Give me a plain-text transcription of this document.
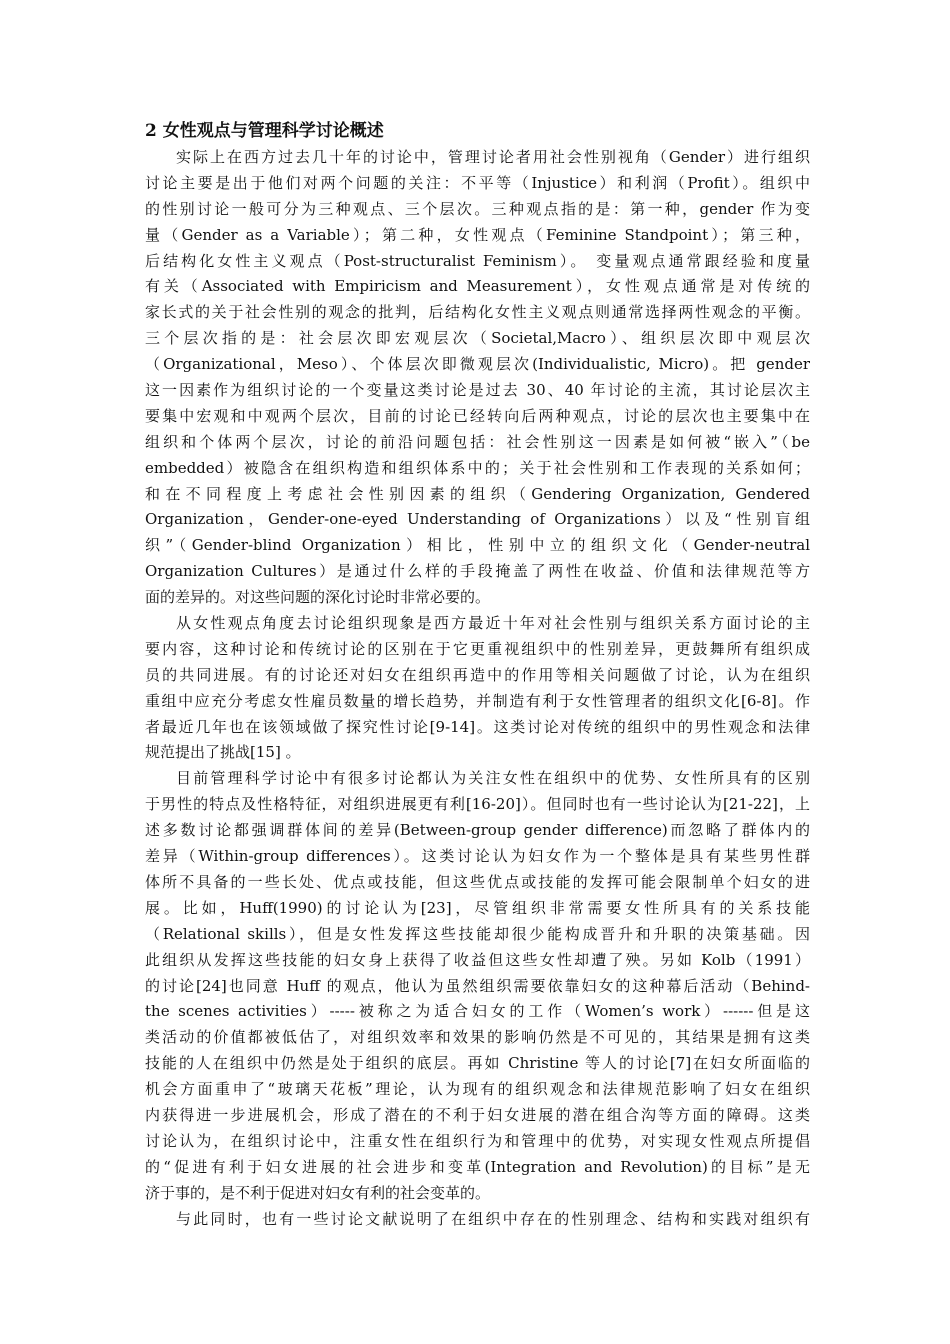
2 女性观点与管理科学讨论概述
实际上在西方过去几十年的讨论中，管理讨论者用社会性别视角（Gender）进行组织
讨论主要是出于他们对两个问题的关注：不平等（Injustice）和利润（Profit）。组织中
的性别讨论一般可分为三种观点、三个层次。三种观点指的是：第一种，gender 作为变
量（Gender as a Variable）；第二种，女性观点（Feminine Standpoint）；第三种，
后结构化女性主义观点（Post-structuralist Feminism）。 变量观点通常跟经验和度量
有关（Associated with Empiricism and Measurement），女性观点通常是对传统的
家长式的关于社会性别的观念的批判，后结构化女性主义观点则通常选择两性观念的平衡。
三个层次指的是：社会层次即宏观层次（Societal,Macro）、组织层次即中观层次
（Organizational，Meso）、个体层次即微观层次(Individualistic, Micro)。把 gender
这一因素作为组织讨论的一个变量这类讨论是过去 30、40 年讨论的主流，其讨论层次主
要集中宏观和中观两个层次，目前的讨论已经转向后两种观点，讨论的层次也主要集中在
组织和个体两个层次，讨论的前沿问题包括：社会性别这一因素是如何被“嵌入”（be
embedded）被隐含在组织构造和组织体系中的；关于社会性别和工作表现的关系如何；
和在不同程度上考虑社会性别因素的组织（Gendering Organization, Gendered
Organization，Gender-one-eyed Understanding of Organizations）以及“性别盲组
织”（Gender-blind Organization）相比，性别中立的组织文化（Gender-neutral
Organization Cultures）是通过什么样的手段掩盖了两性在收益、价值和法律规范等方
面的差异的。对这些问题的深化讨论时非常必要的。
从女性观点角度去讨论组织现象是西方最近十年对社会性别与组织关系方面讨论的主
要内容，这种讨论和传统讨论的区别在于它更重视组织中的性别差异，更鼓舞所有组织成
员的共同进展。有的讨论还对妇女在组织再造中的作用等相关问题做了讨论，认为在组织
重组中应充分考虑女性雇员数量的增长趋势，并制造有利于女性管理者的组织文化[6-8]。作
者最近几年也在该领域做了探究性讨论[9-14]。这类讨论对传统的组织中的男性观念和法律
规范提出了挑战[15] 。
目前管理科学讨论中有很多讨论都认为关注女性在组织中的优势、女性所具有的区别
于男性的特点及性格特征，对组织进展更有利[16-20]）。但同时也有一些讨论认为[21-22]，上
述多数讨论都强调群体间的差异(Between-group gender difference)而忽略了群体内的
差异（Within-group differences）。这类讨论认为妇女作为一个整体是具有某些男性群
体所不具备的一些长处、优点或技能，但这些优点或技能的发挥可能会限制单个妇女的进
展。比如，Huff(1990)的讨论认为[23]，尽管组织非常需要女性所具有的关系技能
（Relational skills），但是女性发挥这些技能却很少能构成晋升和升职的决策基础。因
此组织从发挥这些技能的妇女身上获得了收益但这些女性却遭了殃。另如 Kolb（1991）
的讨论[24]也同意 Huff 的观点，他认为虽然组织需要依靠妇女的这种幕后活动（Behind-
the scenes activities）-----被称之为适合妇女的工作（Women’s work）------但是这
类活动的价值都被低估了，对组织效率和效果的影响仍然是不可见的，其结果是拥有这类
技能的人在组织中仍然是处于组织的底层。再如 Christine 等人的讨论[7]在妇女所面临的
机会方面重申了“玻璃天花板”理论，认为现有的组织观念和法律规范影响了妇女在组织
内获得进一步进展机会，形成了潜在的不利于妇女进展的潜在组合沟等方面的障碍。这类
讨论认为，在组织讨论中，注重女性在组织行为和管理中的优势，对实现女性观点所提倡
的“促进有利于妇女进展的社会进步和变革(Integration and Revolution)的目标”是无
济于事的，是不利于促进对妇女有利的社会变革的。
与此同时，也有一些讨论文献说明了在组织中存在的性别理念、结构和实践对组织有
